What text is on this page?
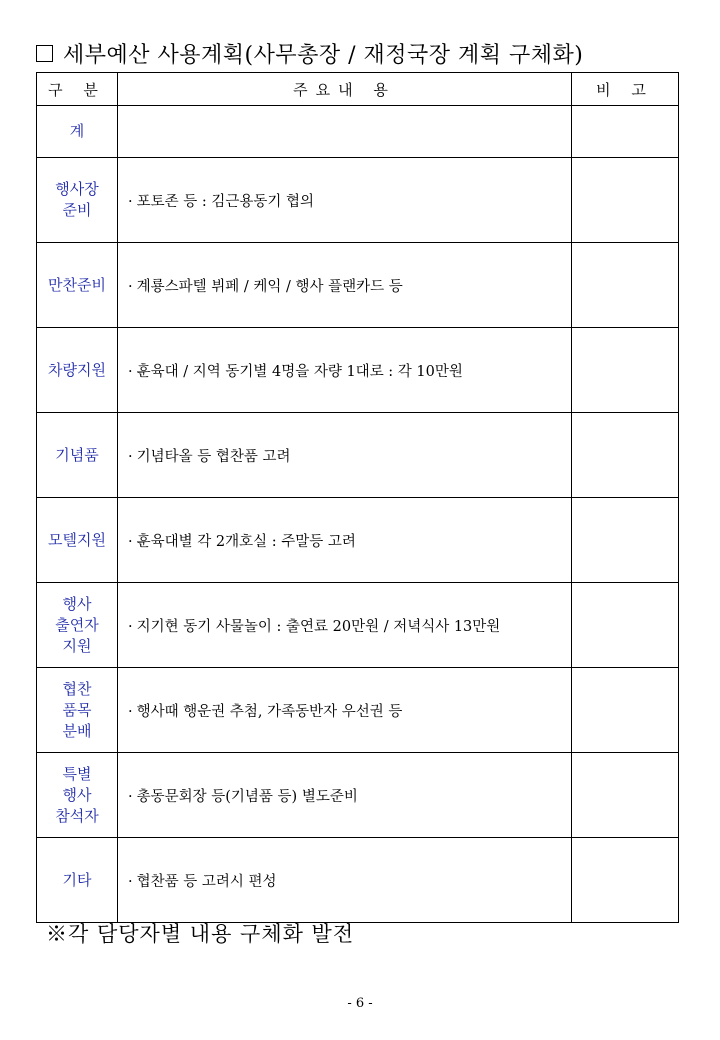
세부예산 사용계획(사무총장 / 재정국장 계획 구체화)
구 분	주요내 용	비 고
계		
행사장
준비	· 포토존 등 : 김근용동기 협의	
만찬준비	· 계룡스파텔 뷔페 / 케익 / 행사 플랜카드 등	
차량지원	· 훈육대 / 지역 동기별 4명을 자량 1대로 : 각 10만원	
기념품	· 기념타올 등 협찬품 고려	
모텔지원	· 훈육대별 각 2개호실 : 주말등 고려	
행사
출연자
지원	· 지기현 동기 사물놀이 : 출연료 20만원 / 저녁식사 13만원	
협찬
품목
분배	· 행사때 행운권 추첨, 가족동반자 우선권 등	
특별
행사
참석자	· 총동문회장 등(기념품 등) 별도준비	
기타	· 협찬품 등 고려시 편성	
※각 담당자별 내용 구체화 발전
- 6 -
